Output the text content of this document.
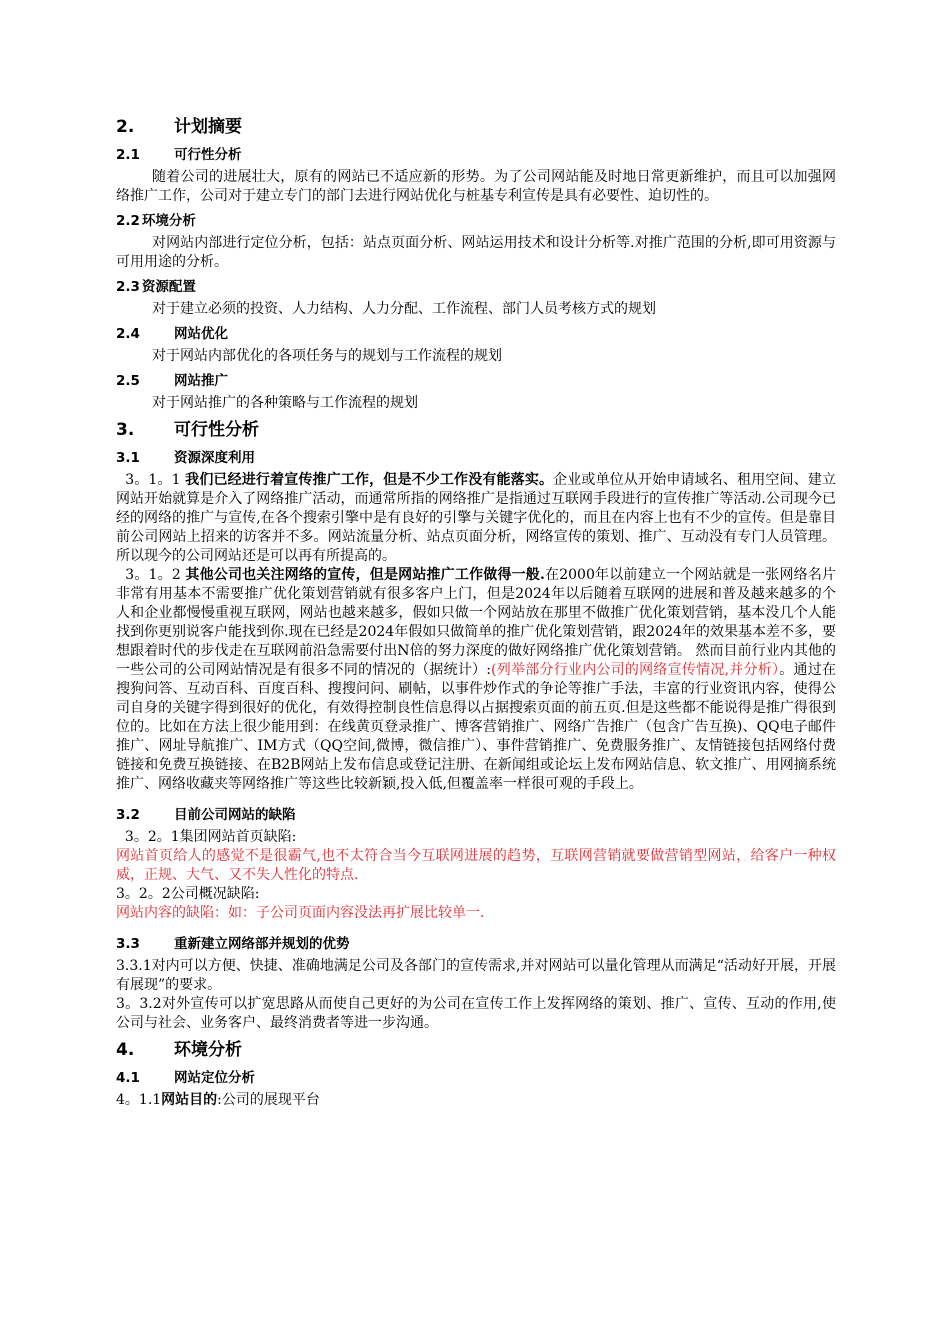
2.	计划摘要
2.1	可行性分析

随着公司的进展壮大，原有的网站已不适应新的形势。为了公司网站能及时地日常更新维护，而且可以加强网络推广工作，公司对于建立专门的部门去进行网站优化与桩基专利宣传是具有必要性、迫切性的。

2.2 环境分析

对网站内部进行定位分析，包括：站点页面分析、网站运用技术和设计分析等.对推广范围的分析,即可用资源与可用用途的分析。

2.3 资源配置

对于建立必须的投资、人力结构、人力分配、工作流程、部门人员考核方式的规划

2.4	网站优化

对于网站内部优化的各项任务与的规划与工作流程的规划

2.5	网站推广

对于网站推广的各种策略与工作流程的规划

3.	可行性分析
3.1	资源深度利用

3。1。1 我们已经进行着宣传推广工作，但是不少工作没有能落实。企业或单位从开始申请域名、租用空间、建立网站开始就算是介入了网络推广活动，而通常所指的网络推广是指通过互联网手段进行的宣传推广等活动.公司现今已经的网络的推广与宣传,在各个搜索引擎中是有良好的引擎与关键字优化的，而且在内容上也有不少的宣传。但是靠目前公司网站上招来的访客并不多。网站流量分析、站点页面分析，网络宣传的策划、推广、互动没有专门人员管理。所以现今的公司网站还是可以再有所提高的。

3。1。2 其他公司也关注网络的宣传，但是网站推广工作做得一般.在2000年以前建立一个网站就是一张网络名片非常有用基本不需要推广优化策划营销就有很多客户上门，但是2024年以后随着互联网的进展和普及越来越多的个人和企业都慢慢重视互联网，网站也越来越多，假如只做一个网站放在那里不做推广优化策划营销，基本没几个人能找到你更别说客户能找到你.现在已经是2024年假如只做简单的推广优化策划营销，跟2024年的效果基本差不多，要想跟着时代的步伐走在互联网前沿急需要付出N倍的努力深度的做好网络推广优化策划营销。 然而目前行业内其他的一些公司的公司网站情况是有很多不同的情况的（据统计）:(列举部分行业内公司的网络宣传情况,并分析）。通过在搜狗问答、互动百科、百度百科、搜搜问问、刷帖，以事件炒作式的争论等推广手法，丰富的行业资讯内容，使得公司自身的关键字得到很好的优化，有效得控制良性信息得以占据搜索页面的前五页.但是这些都不能说得是推广得很到位的。比如在方法上很少能用到：在线黄页登录推广、博客营销推广、网络广告推广（包含广告互换)、QQ电子邮件推广、网址导航推广、IM方式（QQ空间,微博，微信推广）、事件营销推广、免费服务推广、友情链接包括网络付费链接和免费互换链接、在B2B网站上发布信息或登记注册、在新闻组或论坛上发布网站信息、软文推广、用网摘系统推广、网络收藏夹等网络推广等这些比较新颖,投入低,但覆盖率一样很可观的手段上。

3.2	目前公司网站的缺陷

3。2。1集团网站首页缺陷:

网站首页给人的感觉不是很霸气,也不太符合当今互联网进展的趋势，互联网营销就要做营销型网站，给客户一种权威，正规、大气、又不失人性化的特点.

3。2。2公司概况缺陷:

网站内容的缺陷：如：子公司页面内容没法再扩展比较单一.

3.3	重新建立网络部并规划的优势

3.3.1对内可以方便、快捷、准确地满足公司及各部门的宣传需求,并对网站可以量化管理从而满足“活动好开展，开展有展现”的要求。

3。3.2对外宣传可以扩宽思路从而使自己更好的为公司在宣传工作上发挥网络的策划、推广、宣传、互动的作用,使公司与社会、业务客户、最终消费者等进一步沟通。

4.	环境分析
4.1	网站定位分析

4。1.1网站目的:公司的展现平台
